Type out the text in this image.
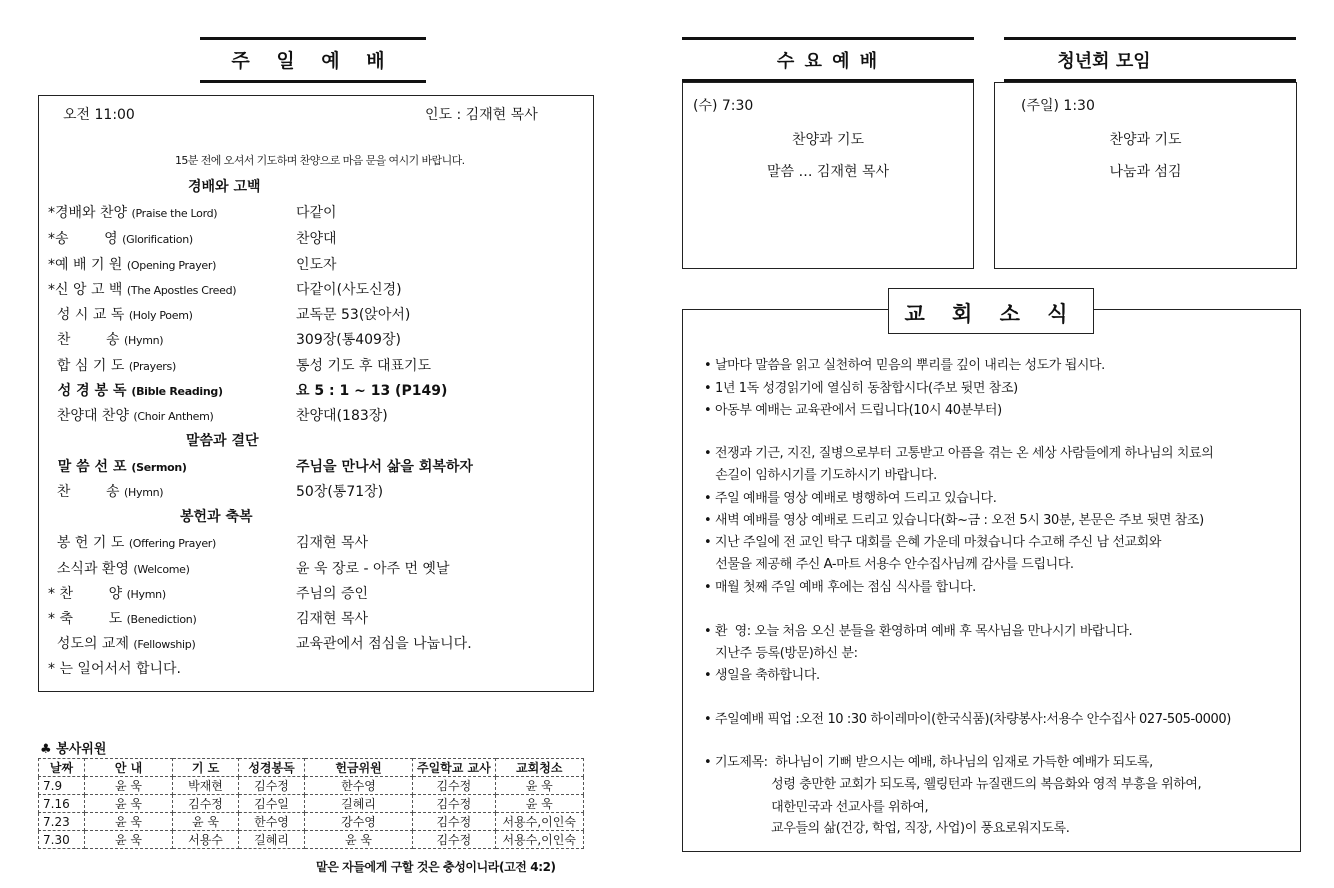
주 일 예 배
오전 11:00	인도 : 김재현 목사
15분 전에 오셔서 기도하며 찬양으로 마음 문을 여시기 바랍니다.
경배와 고백
말씀과 결단
봉헌과 축복
*경배와 찬양 (Praise the Lord)	다같이
*송        영 (Glorification)	찬양대
*예 배 기 원 (Opening Prayer)	인도자
*신 앙 고 백 (The Apostles Creed)	다같이(사도신경)
성 시 교 독 (Holy Poem)	교독문 53(앉아서)
찬        송 (Hymn)	309장(통409장)
합 심 기 도 (Prayers)	통성 기도 후 대표기도
성 경 봉 독 (Bible Reading)	요 5 : 1 ~ 13 (P149)
찬양대 찬양 (Choir Anthem)	찬양대(183장)
말 씀 선 포 (Sermon)	주님을 만나서 삶을 회복하자
찬        송 (Hymn)	50장(통71장)
봉 헌 기 도 (Offering Prayer)	김재현 목사
소식과 환영 (Welcome)	윤 욱 장로 - 아주 먼 옛날
* 찬        양 (Hymn)	주님의 증인
* 축        도 (Benediction)	김재현 목사
성도의 교제 (Fellowship)	교육관에서 점심을 나눕니다.
* 는 일어서서 합니다.
♣ 봉사위원
날짜	안 내	기 도	성경봉독	헌금위원	주일학교 교사	교회청소
7.9	윤 욱	박재현	김수정	한수영	김수정	윤 욱
7.16	윤 욱	김수정	김수일	길혜리	김수정	윤 욱
7.23	윤 욱	윤 욱	한수영	강수영	김수정	서용수,이인숙
7.30	윤 욱	서용수	길혜리	윤 욱	김수정	서용수,이인숙
맡은 자들에게 구할 것은 충성이니라(고전 4:2)
수 요 예 배
(수) 7:30
찬양과 기도
말씀 … 김재현 목사
청년회 모임
(주일) 1:30
찬양과 기도
나눔과 섬김
교 회 소 식
• 날마다 말씀을 읽고 실천하여 믿음의 뿌리를 깊이 내리는 성도가 됩시다.
• 1년 1독 성경읽기에 열심히 동참합시다(주보 뒷면 참조)
• 아동부 예배는 교육관에서 드립니다(10시 40분부터)
• 전쟁과 기근, 지진, 질병으로부터 고통받고 아픔을 겪는 온 세상 사람들에게 하나님의 치료의
손길이 임하시기를 기도하시기 바랍니다.
• 주일 예배를 영상 예배로 병행하여 드리고 있습니다.
• 새벽 예배를 영상 예배로 드리고 있습니다(화~금 : 오전 5시 30분, 본문은 주보 뒷면 참조)
• 지난 주일에 전 교인 탁구 대회를 은혜 가운데 마쳤습니다 수고해 주신 남 선교회와
선물을 제공해 주신 A-마트 서용수 안수집사님께 감사를 드립니다.
• 매월 첫째 주일 예배 후에는 점심 식사를 합니다.
• 환  영: 오늘 처음 오신 분들을 환영하며 예배 후 목사님을 만나시기 바랍니다.
지난주 등록(방문)하신 분:
• 생일을 축하합니다.
• 주일예배 픽업 :오전 10 :30 하이레마이(한국식품)(차량봉사:서용수 안수집사 027-505-0000)
• 기도제목:  하나님이 기뻐 받으시는 예배, 하나님의 임재로 가득한 예배가 되도록,
성령 충만한 교회가 되도록, 웰링턴과 뉴질랜드의 복음화와 영적 부흥을 위하여,
대한민국과 선교사를 위하여,
교우들의 삶(건강, 학업, 직장, 사업)이 풍요로워지도록.
